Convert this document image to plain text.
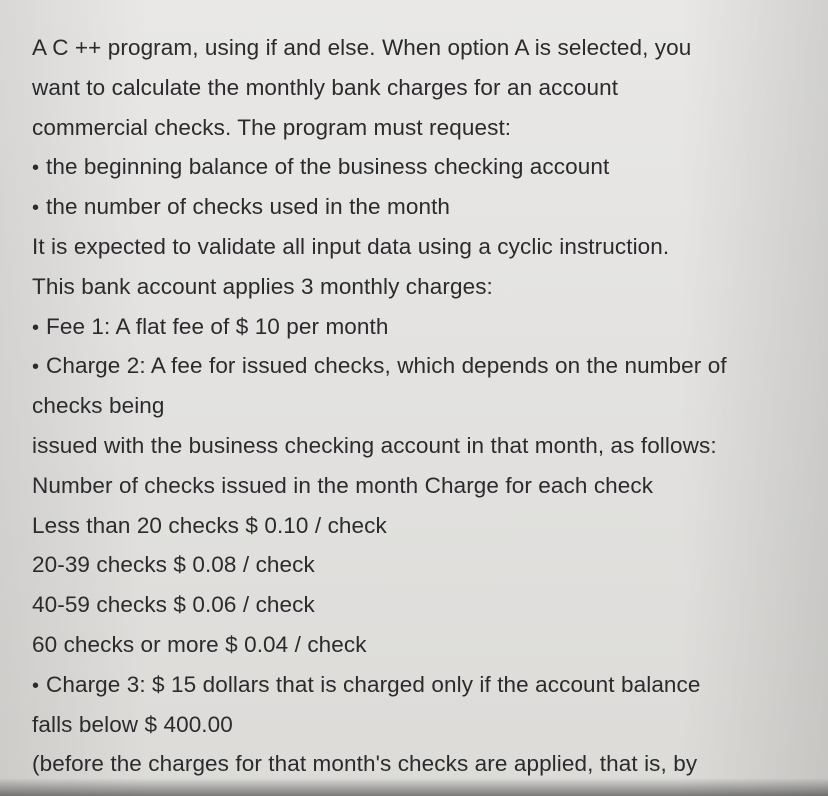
A C ++ program, using if and else. When option A is selected, you
want to calculate the monthly bank charges for an account
commercial checks. The program must request:
• the beginning balance of the business checking account
• the number of checks used in the month
It is expected to validate all input data using a cyclic instruction.
This bank account applies 3 monthly charges:
• Fee 1: A flat fee of $ 10 per month
• Charge 2: A fee for issued checks, which depends on the number of
checks being
issued with the business checking account in that month, as follows:
Number of checks issued in the month Charge for each check
Less than 20 checks $ 0.10 / check
20-39 checks $ 0.08 / check
40-59 checks $ 0.06 / check
60 checks or more $ 0.04 / check
• Charge 3: $ 15 dollars that is charged only if the account balance
falls below $ 400.00
(before the charges for that month's checks are applied, that is, by
